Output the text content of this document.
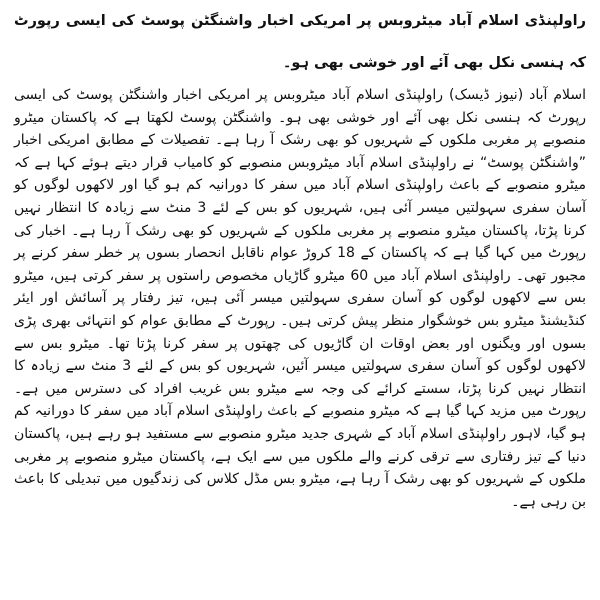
راولپنڈی اسلام آباد میٹروبس پر امریکی اخبار واشنگٹن پوسٹ کی ایسی رپورٹ کہ ہنسی نکل بھی آئے اور خوشی بھی ہو۔

اسلام آباد (نیوز ڈیسک) راولپنڈی اسلام آباد میٹروبس پر امریکی اخبار واشنگٹن پوسٹ کی ایسی رپورٹ کہ ہنسی نکل بھی آئے اور خوشی بھی ہو۔ واشنگٹن پوسٹ لکھتا ہے کہ پاکستان میٹرو منصوبے پر مغربی ملکوں کے شہریوں کو بھی رشک آ رہا ہے۔ تفصیلات کے مطابق امریکی اخبار ”واشنگٹن پوسٹ“ نے راولپنڈی اسلام آباد میٹروبس منصوبے کو کامیاب قرار دیتے ہوئے کہا ہے کہ میٹرو منصوبے کے باعث راولپنڈی اسلام آباد میں سفر کا دورانیہ کم ہو گیا اور لاکھوں لوگوں کو آسان سفری سہولتیں میسر آئی ہیں، شہریوں کو بس کے لئے 3 منٹ سے زیادہ کا انتظار نہیں کرنا پڑتا، پاکستان میٹرو منصوبے پر مغربی ملکوں کے شہریوں کو بھی رشک آ رہا ہے۔ اخبار کی رپورٹ میں کہا گیا ہے کہ پاکستان کے 18 کروڑ عوام ناقابل انحصار بسوں پر خطر سفر کرنے پر مجبور تھی۔ راولپنڈی اسلام آباد میں 60 میٹرو گاڑیاں مخصوص راستوں پر سفر کرتی ہیں، میٹرو بس سے لاکھوں لوگوں کو آسان سفری سہولتیں میسر آئی ہیں، تیز رفتار پر آسائش اور ایئر کنڈیشنڈ میٹرو بس خوشگوار منظر پیش کرتی ہیں۔ رپورٹ کے مطابق عوام کو انتہائی بھری پڑی بسوں اور ویگنوں اور بعض اوقات ان گاڑیوں کی چھتوں پر سفر کرنا پڑتا تھا۔ میٹرو بس سے لاکھوں لوگوں کو آسان سفری سہولتیں میسر آئیں، شہریوں کو بس کے لئے 3 منٹ سے زیادہ کا انتظار نہیں کرنا پڑتا، سستے کرائے کی وجہ سے میٹرو بس غریب افراد کی دسترس میں ہے۔ رپورٹ میں مزید کہا گیا ہے کہ میٹرو منصوبے کے باعث راولپنڈی اسلام آباد میں سفر کا دورانیہ کم ہو گیا، لاہور راولپنڈی اسلام آباد کے شہری جدید میٹرو منصوبے سے مستفید ہو رہے ہیں، پاکستان دنیا کے تیز رفتاری سے ترقی کرنے والے ملکوں میں سے ایک ہے، پاکستان میٹرو منصوبے پر مغربی ملکوں کے شہریوں کو بھی رشک آ رہا ہے، میٹرو بس مڈل کلاس کی زندگیوں میں تبدیلی کا باعث بن رہی ہے۔
